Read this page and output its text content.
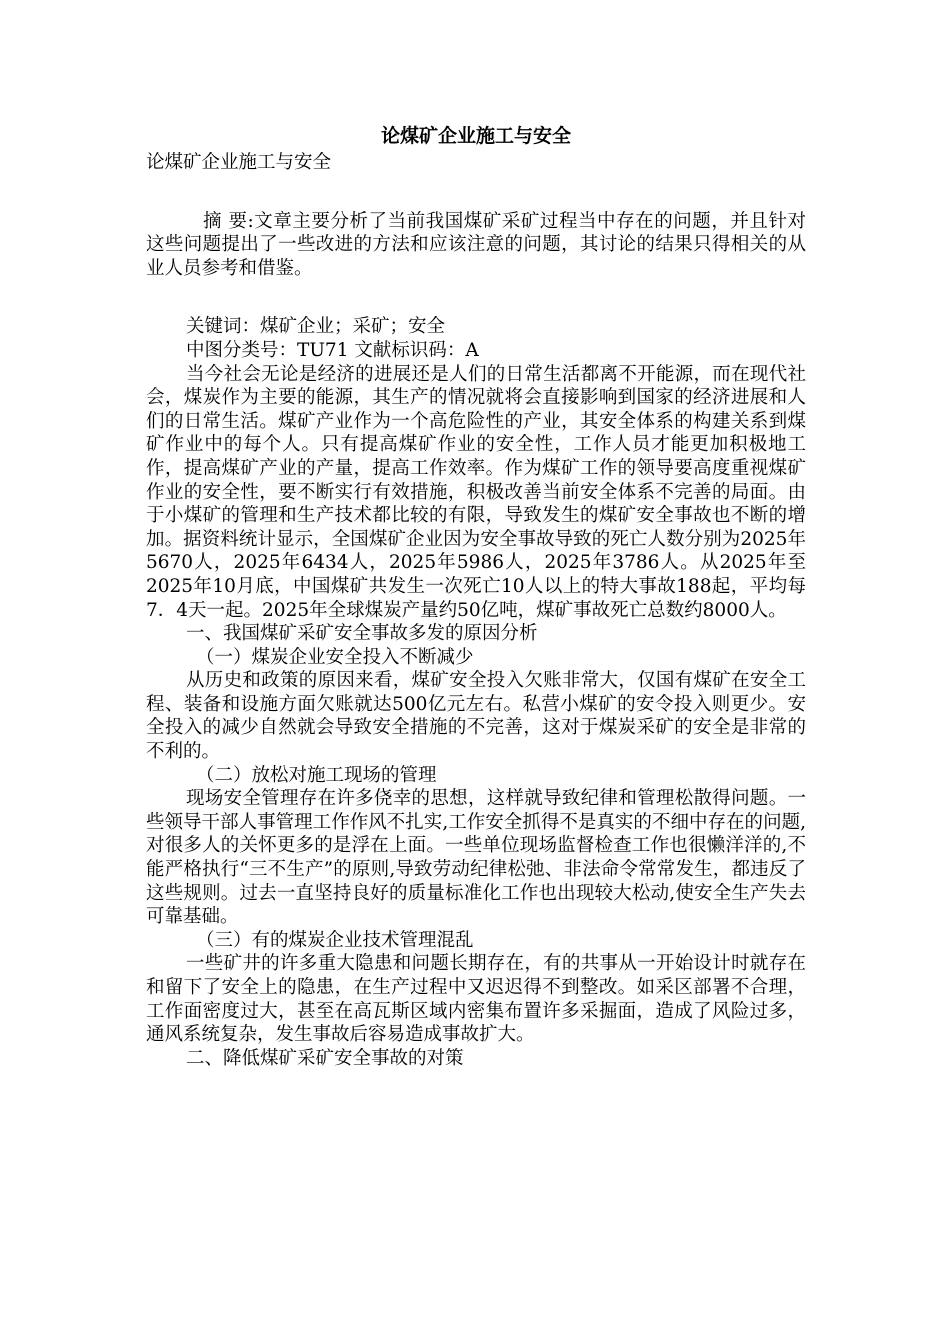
论煤矿企业施工与安全

论煤矿企业施工与安全

摘 要:文章主要分析了当前我国煤矿采矿过程当中存在的问题，并且针对这些问题提出了一些改进的方法和应该注意的问题，其讨论的结果只得相关的从业人员参考和借鉴。

关键词：煤矿企业；采矿；安全

中图分类号：TU71 文献标识码：A

当今社会无论是经济的进展还是人们的日常生活都离不开能源，而在现代社会，煤炭作为主要的能源，其生产的情况就将会直接影响到国家的经济进展和人们的日常生活。煤矿产业作为一个高危险性的产业，其安全体系的构建关系到煤矿作业中的每个人。只有提高煤矿作业的安全性，工作人员才能更加积极地工作，提高煤矿产业的产量，提高工作效率。作为煤矿工作的领导要高度重视煤矿作业的安全性，要不断实行有效措施，积极改善当前安全体系不完善的局面。由于小煤矿的管理和生产技术都比较的有限，导致发生的煤矿安全事故也不断的增加。据资料统计显示，全国煤矿企业因为安全事故导致的死亡人数分别为2025年5670人，2025年6434人，2025年5986人，2025年3786人。从2025年至2025年10月底，中国煤矿共发生一次死亡10人以上的特大事故188起，平均每7．4天一起。2025年全球煤炭产量约50亿吨，煤矿事故死亡总数约8000人。

一、我国煤矿采矿安全事故多发的原因分析

（一）煤炭企业安全投入不断减少

从历史和政策的原因来看，煤矿安全投入欠账非常大，仅国有煤矿在安全工程、装备和设施方面欠账就达500亿元左右。私营小煤矿的安令投入则更少。安全投入的减少自然就会导致安全措施的不完善，这对于煤炭采矿的安全是非常的不利的。

（二）放松对施工现场的管理

现场安全管理存在许多侥幸的思想，这样就导致纪律和管理松散得问题。一些领导干部人事管理工作作风不扎实,工作安全抓得不是真实的不细中存在的问题,对很多人的关怀更多的是浮在上面。一些单位现场监督检查工作也很懒洋洋的,不能严格执行“三不生产”的原则,导致劳动纪律松弛、非法命令常常发生，都违反了这些规则。过去一直坚持良好的质量标准化工作也出现较大松动,使安全生产失去可靠基础。

（三）有的煤炭企业技术管理混乱

一些矿井的许多重大隐患和问题长期存在，有的共事从一开始设计时就存在和留下了安全上的隐患，在生产过程中又迟迟得不到整改。如采区部署不合理，工作面密度过大，甚至在高瓦斯区域内密集布置许多采掘面，造成了风险过多，通风系统复杂，发生事故后容易造成事故扩大。

二、降低煤矿采矿安全事故的对策
